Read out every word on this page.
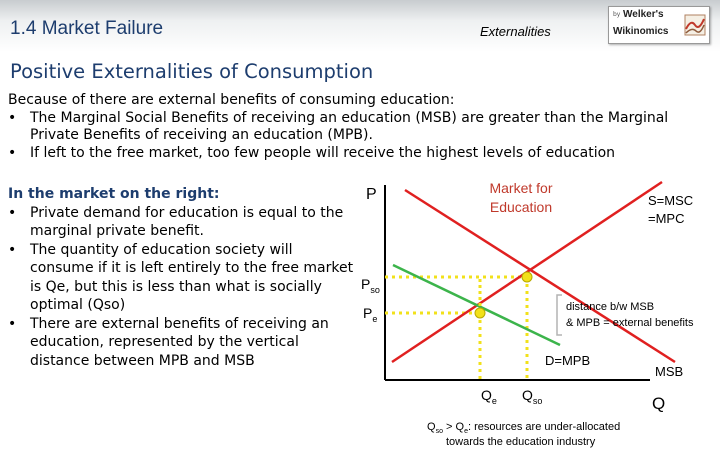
1.4 Market Failure	Externalities
by Welker's
Wikinomics
Positive Externalities of Consumption
Because of there are external benefits of consuming education:
• The Marginal Social Benefits of receiving an education (MSB) are greater than the Marginal Private Benefits of receiving an education (MPB).
• If left to the free market, too few people will receive the highest levels of education
In the market on the right:
• Private demand for education is equal to the marginal private benefit.
• The quantity of education society will consume if it is left entirely to the free market is Qe, but this is less than what is socially optimal (Qso)
• There are external benefits of receiving an education, represented by the vertical distance between MPB and MSB
P	Market for
Education	S=MSC
=MPC
$P_{so}$
$P_e$
D=MPB
MSB
$Q_e$ $Q_{so}$	Q
distance b/w MSB
& MPB = external benefits
$Q_{so} > Q_e$: resources are under-allocated
towards the education industry
